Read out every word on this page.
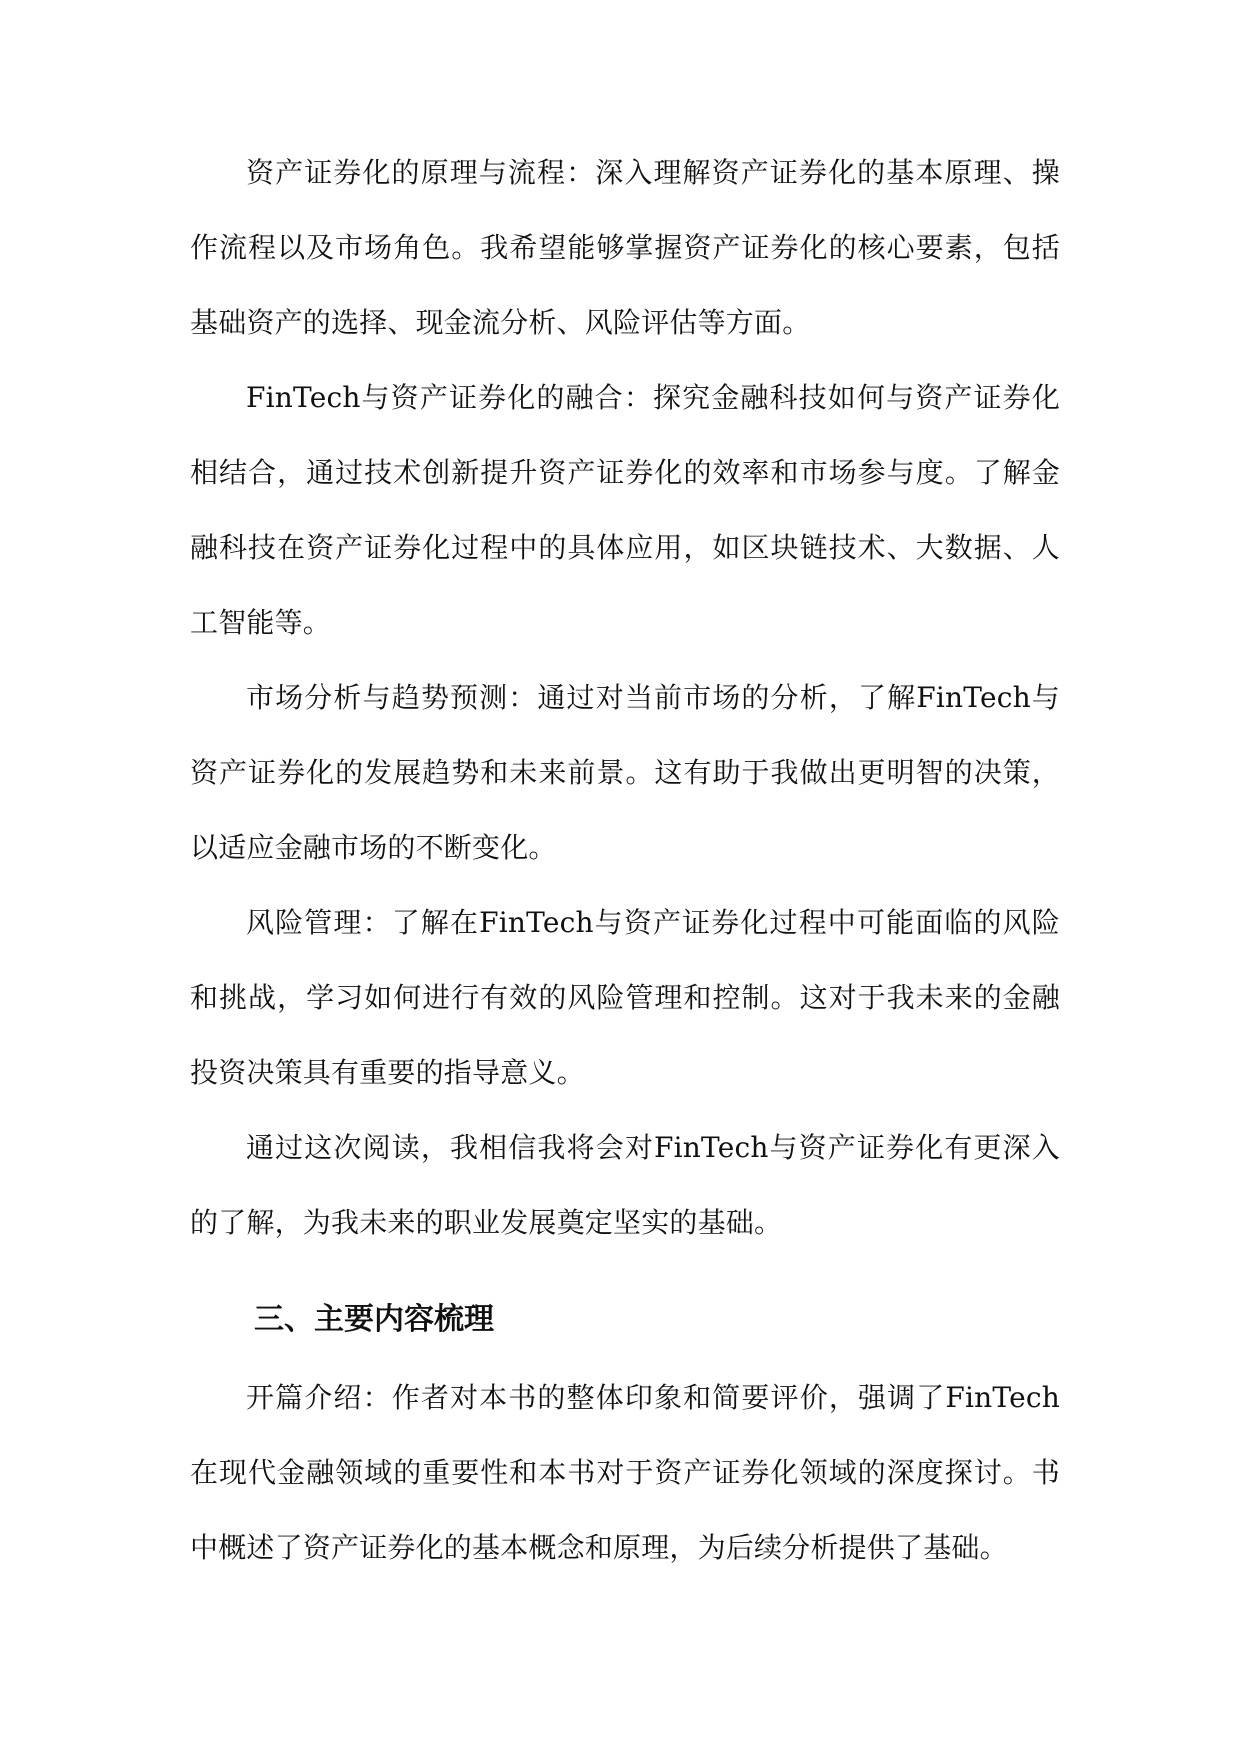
资产证券化的原理与流程：深入理解资产证券化的基本原理、操作流程以及市场角色。我希望能够掌握资产证券化的核心要素，包括基础资产的选择、现金流分析、风险评估等方面。

FinTech与资产证券化的融合：探究金融科技如何与资产证券化相结合，通过技术创新提升资产证券化的效率和市场参与度。了解金融科技在资产证券化过程中的具体应用，如区块链技术、大数据、人工智能等。

市场分析与趋势预测：通过对当前市场的分析，了解FinTech与资产证券化的发展趋势和未来前景。这有助于我做出更明智的决策，以适应金融市场的不断变化。

风险管理：了解在FinTech与资产证券化过程中可能面临的风险和挑战，学习如何进行有效的风险管理和控制。这对于我未来的金融投资决策具有重要的指导意义。

通过这次阅读，我相信我将会对FinTech与资产证券化有更深入的了解，为我未来的职业发展奠定坚实的基础。

三、主要内容梳理

开篇介绍：作者对本书的整体印象和简要评价，强调了FinTech在现代金融领域的重要性和本书对于资产证券化领域的深度探讨。书中概述了资产证券化的基本概念和原理，为后续分析提供了基础。
